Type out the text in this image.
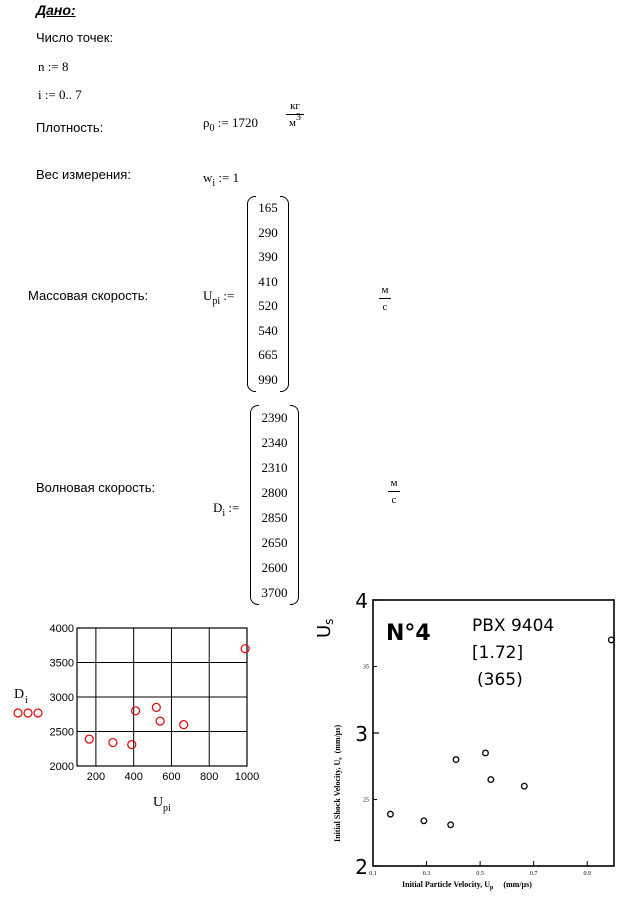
Дано:
Число точек:
n := 8
i := 0.. 7
Плотность:	$\rho_0$ := 1720	$\frac{кг}{м3}$
Вес измерения:	$w_i$ := 1
Массовая скорость:	$U_{pi}$ :=
165
290
390
410
520
540
665
990
$\frac{м}{с}$
Волновая скорость:
$D_i$ :=
2390
2340
2310
2800
2850
2650
2600
3700
$\frac{м}{с}$
200 400 600 800 1000
4000
3500
3000
2500
2000
D i
U pi
0.1	0.3	0.5	0.7	0.9
4
3
2
35
25
N°4 PBX 9404
[1.72]
(365)
Initial Shock Velocity, $U_s(mm/\mu s)$
Us
Initial Particle Velocity, $U_p$ (mm/μs)
